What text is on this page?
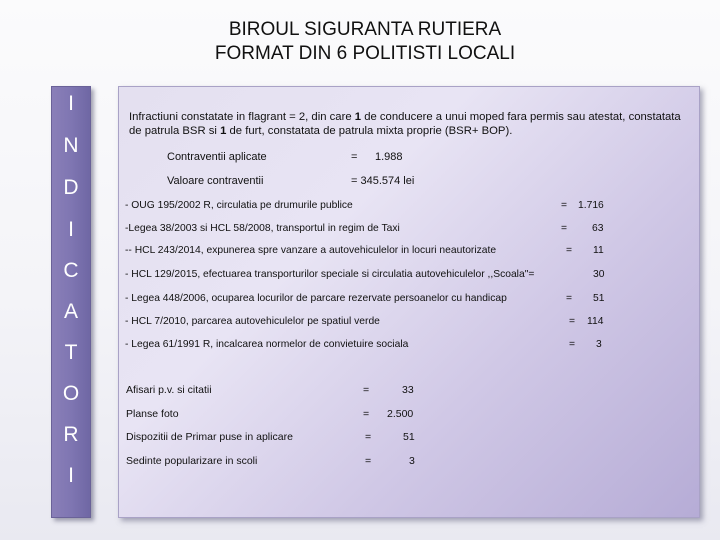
BIROUL SIGURANTA RUTIERA
FORMAT DIN 6 POLITISTI LOCALI
I
N
D
I
C
A
T
O
R
I
Infractiuni constatate in flagrant = 2, din care 1 de conducere a unui moped fara permis sau atestat, constatata de patrula BSR si 1 de furt, constatata de patrula mixta proprie (BSR+ BOP).
Contraventii aplicate	= 1.988
Valoare contraventii	= 345.574 lei
- OUG 195/2002 R, circulatia pe drumurile publice	= 1.716
-Legea 38/2003 si HCL 58/2008, transportul in regim de Taxi	= 63
-- HCL 243/2014, expunerea spre vanzare a autovehiculelor in locuri neautorizate	= 11
- HCL 129/2015, efectuarea transporturilor speciale si circulatia autovehiculelor ,,Scoala"=	30
- Legea 448/2006, ocuparea locurilor de parcare rezervate persoanelor cu handicap	= 51
- HCL 7/2010, parcarea autovehiculelor pe spatiul verde	= 114
- Legea 61/1991 R, incalcarea normelor de convietuire sociala	= 3
Afisari p.v. si citatii	=	33
Planse foto	= 2.500
Dispozitii de Primar puse in aplicare	=	51
Sedinte popularizare in scoli	=	3
